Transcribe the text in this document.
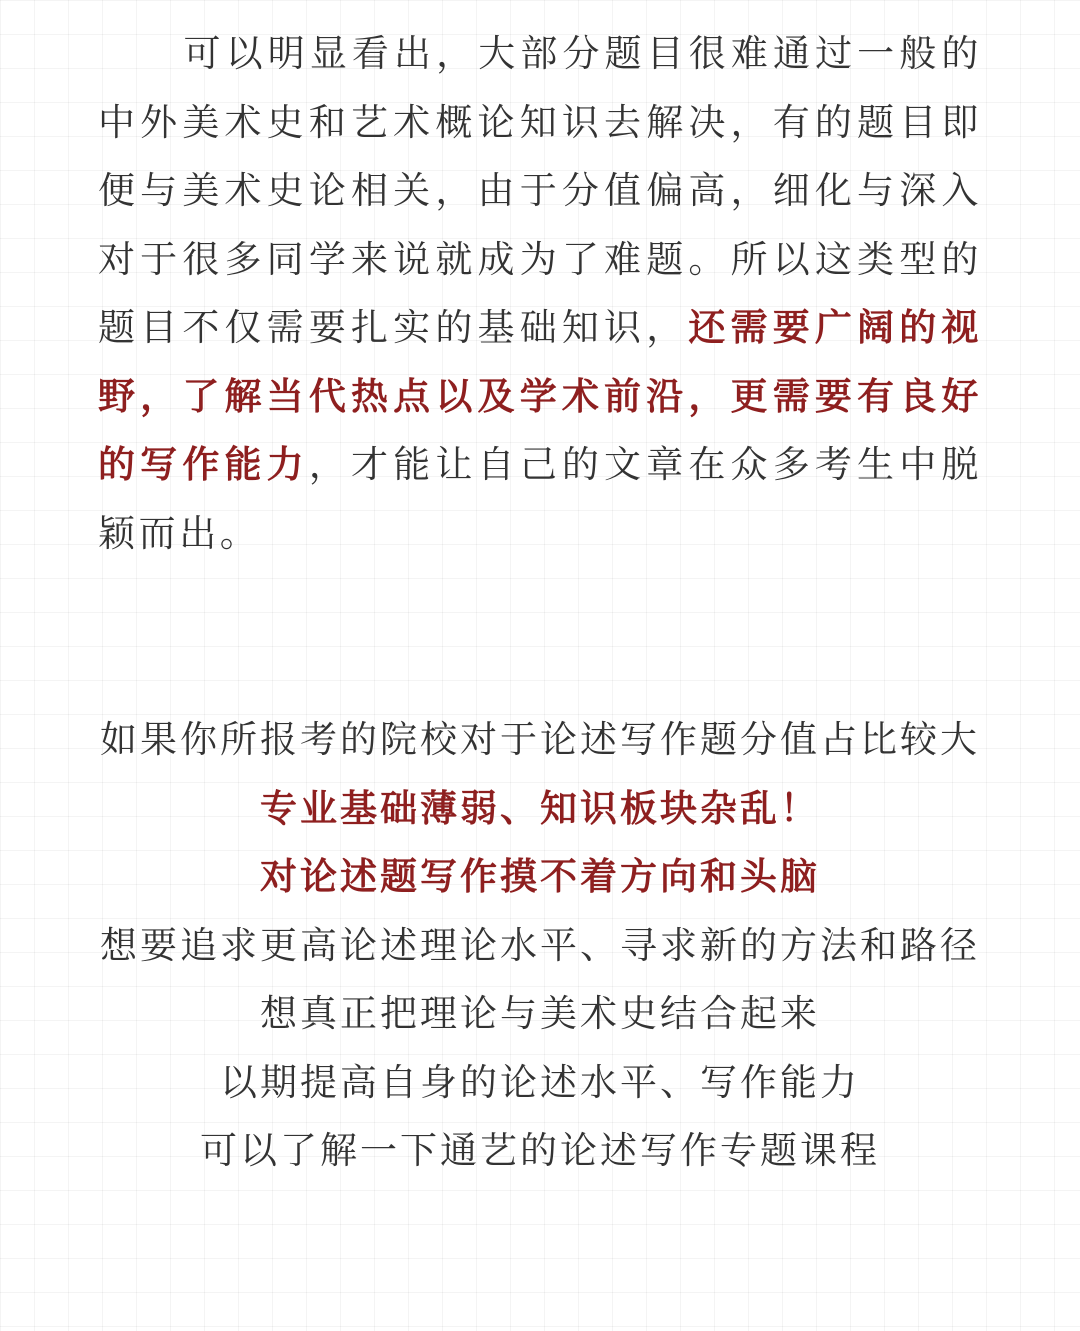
可以明显看出，大部分题目很难通过一般的中外美术史和艺术概论知识去解决，有的题目即便与美术史论相关，由于分值偏高，细化与深入对于很多同学来说就成为了难题。所以这类型的题目不仅需要扎实的基础知识，还需要广阔的视野，了解当代热点以及学术前沿，更需要有良好的写作能力，才能让自己的文章在众多考生中脱颖而出。

如果你所报考的院校对于论述写作题分值占比较大
专业基础薄弱、知识板块杂乱！
对论述题写作摸不着方向和头脑
想要追求更高论述理论水平、寻求新的方法和路径
想真正把理论与美术史结合起来
以期提高自身的论述水平、写作能力
可以了解一下通艺的论述写作专题课程
